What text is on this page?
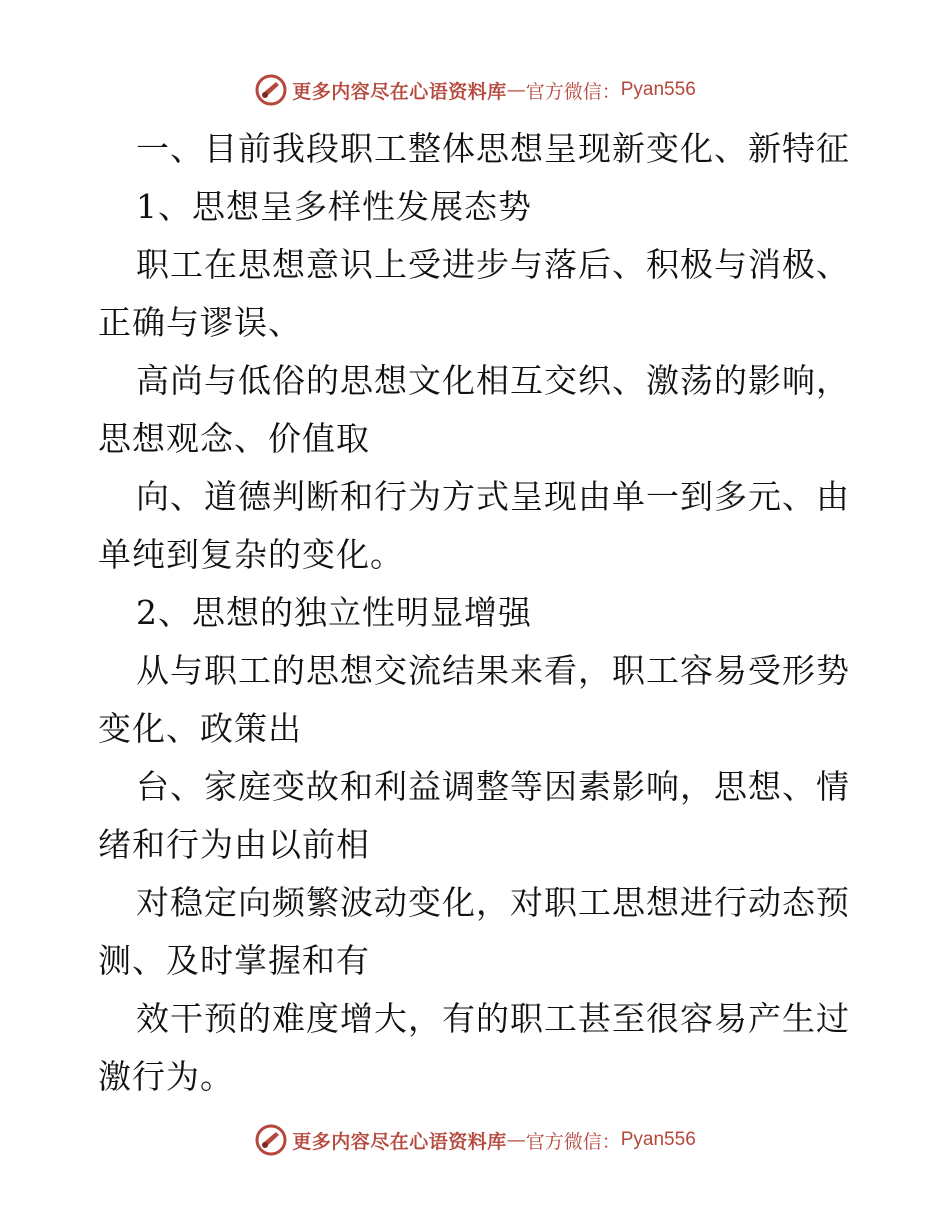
更多内容尽在心语资料库 — 官方微信： Pyan556
一、目前我段职工整体思想呈现新变化、新特征
1、思想呈多样性发展态势
职工在思想意识上受进步与落后、积极与消极、
正确与谬误、
高尚与低俗的思想文化相互交织、激荡的影响，
思想观念、价值取
向、道德判断和行为方式呈现由单一到多元、由
单纯到复杂的变化。
2、思想的独立性明显增强
从与职工的思想交流结果来看，职工容易受形势
变化、政策出
台、家庭变故和利益调整等因素影响，思想、情
绪和行为由以前相
对稳定向频繁波动变化，对职工思想进行动态预
测、及时掌握和有
效干预的难度增大，有的职工甚至很容易产生过
激行为。
更多内容尽在心语资料库 — 官方微信： Pyan556
